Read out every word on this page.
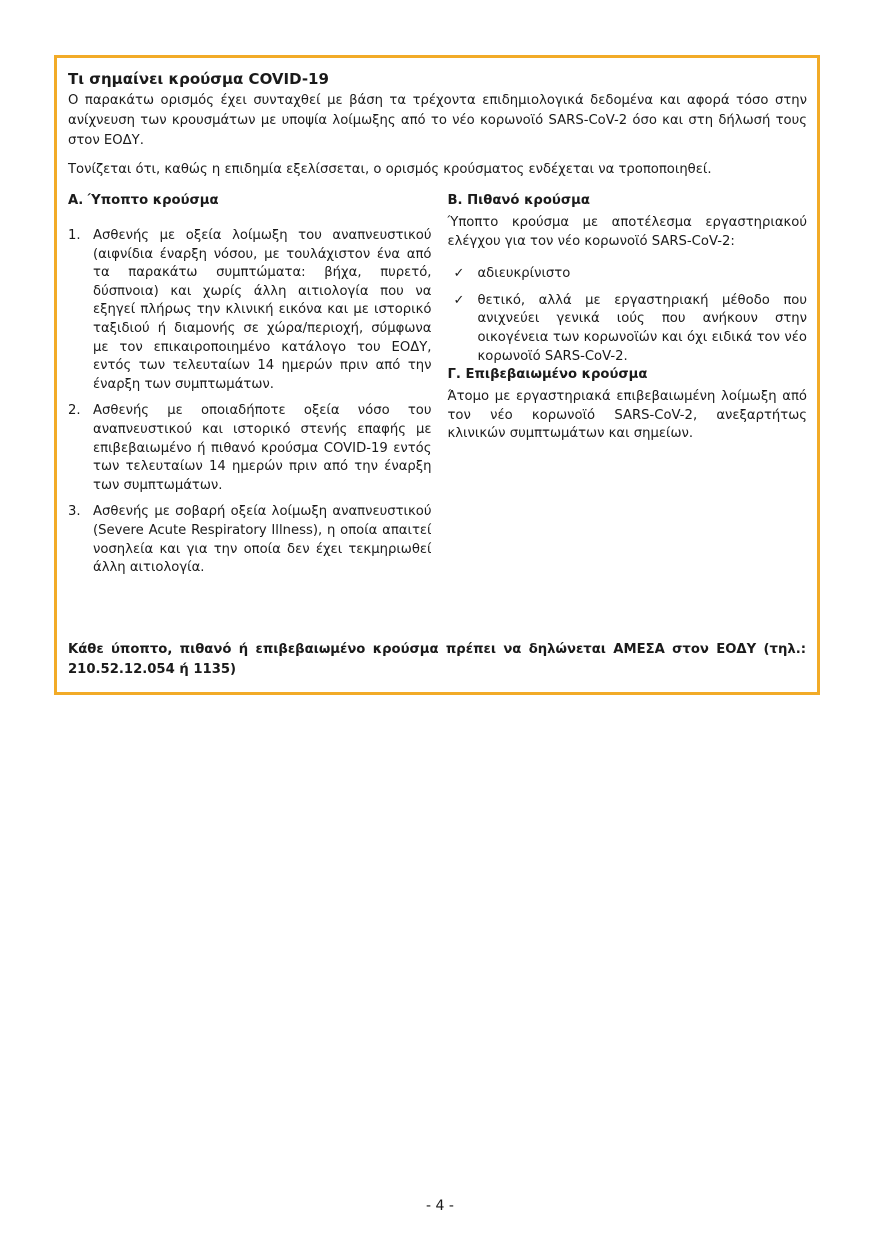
Τι σημαίνει κρούσμα COVID-19

Ο παρακάτω ορισμός έχει συνταχθεί με βάση τα τρέχοντα επιδημιολογικά δεδομένα και αφορά τόσο στην ανίχνευση των κρουσμάτων με υποψία λοίμωξης από το νέο κορωνοϊό SARS-CoV-2 όσο και στη δήλωσή τους στον ΕΟΔΥ.

Τονίζεται ότι, καθώς η επιδημία εξελίσσεται, ο ορισμός κρούσματος ενδέχεται να τροποποιηθεί.

Α. Ύποπτο κρούσμα

1. Ασθενής με οξεία λοίμωξη του αναπνευστικού (αιφνίδια έναρξη νόσου, με τουλάχιστον ένα από τα παρακάτω συμπτώματα: βήχα, πυρετό, δύσπνοια) και χωρίς άλλη αιτιολογία που να εξηγεί πλήρως την κλινική εικόνα και με ιστορικό ταξιδιού ή διαμονής σε χώρα/περιοχή, σύμφωνα με τον επικαιροποιημένο κατάλογο του ΕΟΔΥ, εντός των τελευταίων 14 ημερών πριν από την έναρξη των συμπτωμάτων.
2. Ασθενής με οποιαδήποτε οξεία νόσο του αναπνευστικού και ιστορικό στενής επαφής με επιβεβαιωμένο ή πιθανό κρούσμα COVID-19 εντός των τελευταίων 14 ημερών πριν από την έναρξη των συμπτωμάτων.
3. Ασθενής με σοβαρή οξεία λοίμωξη αναπνευστικού (Severe Acute Respiratory Illness), η οποία απαιτεί νοσηλεία και για την οποία δεν έχει τεκμηριωθεί άλλη αιτιολογία.

Β. Πιθανό κρούσμα

Ύποπτο κρούσμα με αποτέλεσμα εργαστηριακού ελέγχου για τον νέο κορωνοϊό SARS-CoV-2:

✓ αδιευκρίνιστο
✓ θετικό, αλλά με εργαστηριακή μέθοδο που ανιχνεύει γενικά ιούς που ανήκουν στην οικογένεια των κορωνοϊών και όχι ειδικά τον νέο κορωνοϊό SARS-CoV-2.

Γ. Επιβεβαιωμένο κρούσμα

Άτομο με εργαστηριακά επιβεβαιωμένη λοίμωξη από τον νέο κορωνοϊό SARS-CoV-2, ανεξαρτήτως κλινικών συμπτωμάτων και σημείων.

Κάθε ύποπτο, πιθανό ή επιβεβαιωμένο κρούσμα πρέπει να δηλώνεται ΑΜΕΣΑ στον ΕΟΔΥ (τηλ.: 210.52.12.054 ή 1135)

- 4 -
